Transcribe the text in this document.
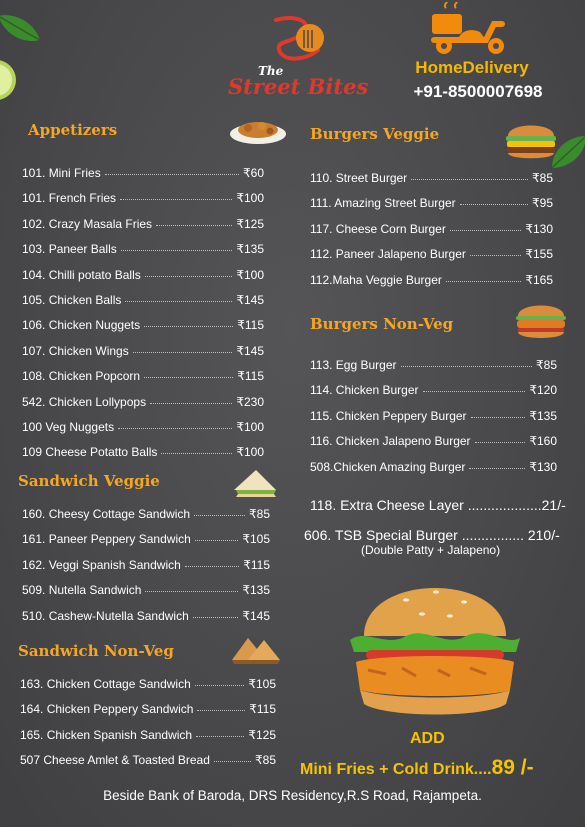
The
Street Bites
HomeDelivery
+91-8500007698
Appetizers
101. Mini Fries	₹60
101. French Fries	₹100
102. Crazy Masala Fries	₹125
103. Paneer Balls	₹135
104. Chilli potato Balls	₹100
105. Chicken Balls	₹145
106. Chicken Nuggets	₹115
107. Chicken Wings	₹145
108. Chicken Popcorn	₹115
542. Chicken Lollypops	₹230
100 Veg Nuggets	₹100
109 Cheese Potatto Balls	₹100
Sandwich Veggie
160. Cheesy Cottage Sandwich	₹85
161. Paneer Peppery Sandwich	₹105
162. Veggi Spanish Sandwich	₹115
509. Nutella Sandwich	₹135
510. Cashew-Nutella Sandwich	₹145
Sandwich Non-Veg
163. Chicken Cottage Sandwich	₹105
164. Chicken Peppery Sandwich	₹115
165. Chicken Spanish Sandwich	₹125
507 Cheese Amlet & Toasted Bread	₹85
Burgers Veggie
110. Street Burger	₹85
111. Amazing Street Burger	₹95
117. Cheese Corn Burger	₹130
112. Paneer Jalapeno Burger	₹155
112.Maha Veggie Burger	₹165
Burgers Non-Veg
113. Egg Burger	₹85
114. Chicken Burger	₹120
115. Chicken Peppery Burger	₹135
116. Chicken Jalapeno Burger	₹160
508.Chicken Amazing Burger	₹130
118. Extra Cheese Layer ...................21/-
606. TSB Special Burger ................ 210/-
(Double Patty + Jalapeno)
ADD
Mini Fries + Cold Drink....89 /-
Beside Bank of Baroda, DRS Residency,R.S Road, Rajampeta.
